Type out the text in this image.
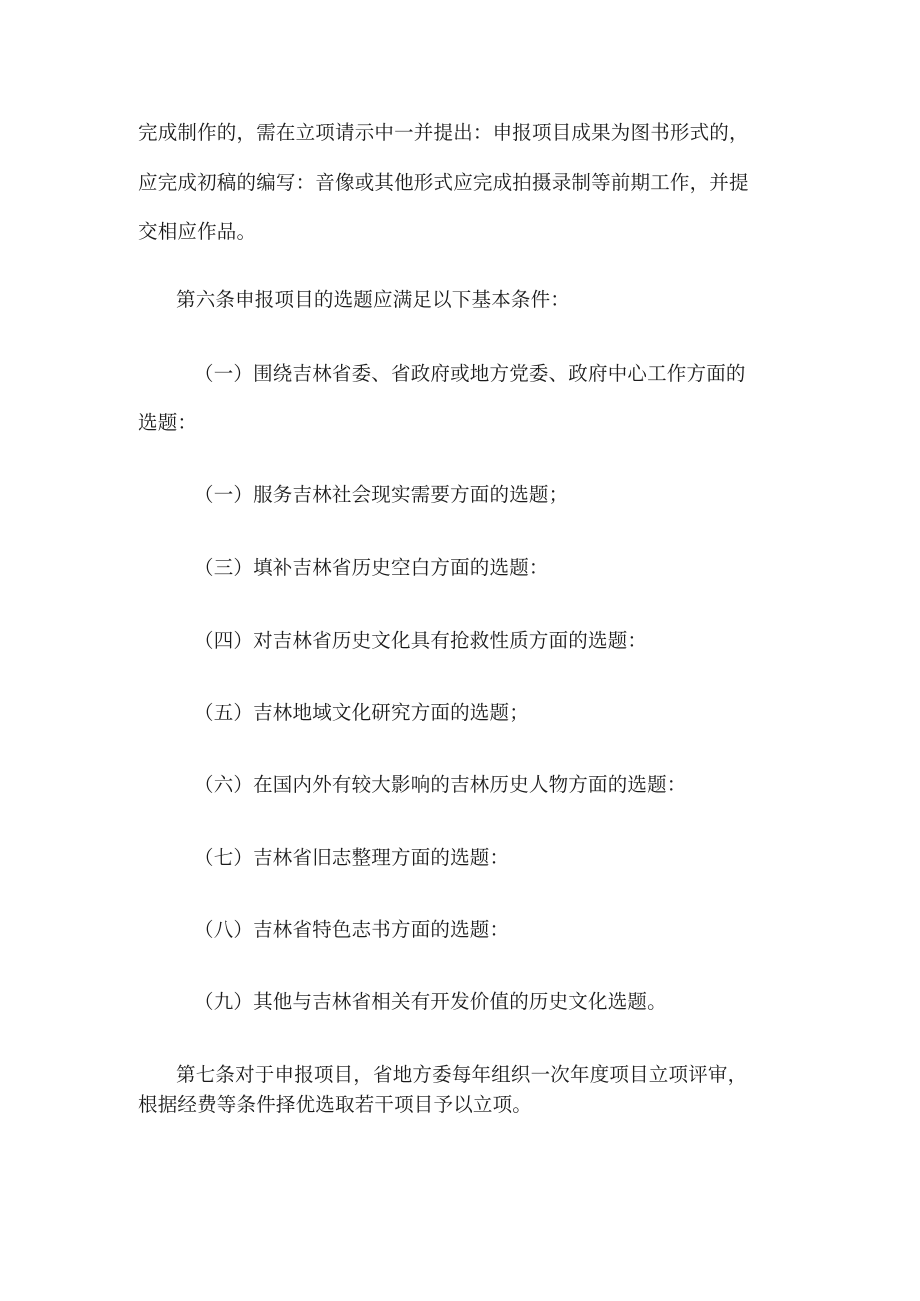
完成制作的，需在立项请示中一并提出：申报项目成果为图书形式的，
应完成初稿的编写：音像或其他形式应完成拍摄录制等前期工作，并提
交相应作品。
第六条申报项目的选题应满足以下基本条件：
（一）围绕吉林省委、省政府或地方党委、政府中心工作方面的
选题：
（一）服务吉林社会现实需要方面的选题；
（三）填补吉林省历史空白方面的选题：
（四）对吉林省历史文化具有抢救性质方面的选题：
（五）吉林地域文化研究方面的选题；
（六）在国内外有较大影响的吉林历史人物方面的选题：
（七）吉林省旧志整理方面的选题：
（八）吉林省特色志书方面的选题：
（九）其他与吉林省相关有开发价值的历史文化选题。
第七条对于申报项目，省地方委每年组织一次年度项目立项评审，
根据经费等条件择优选取若干项目予以立项。
